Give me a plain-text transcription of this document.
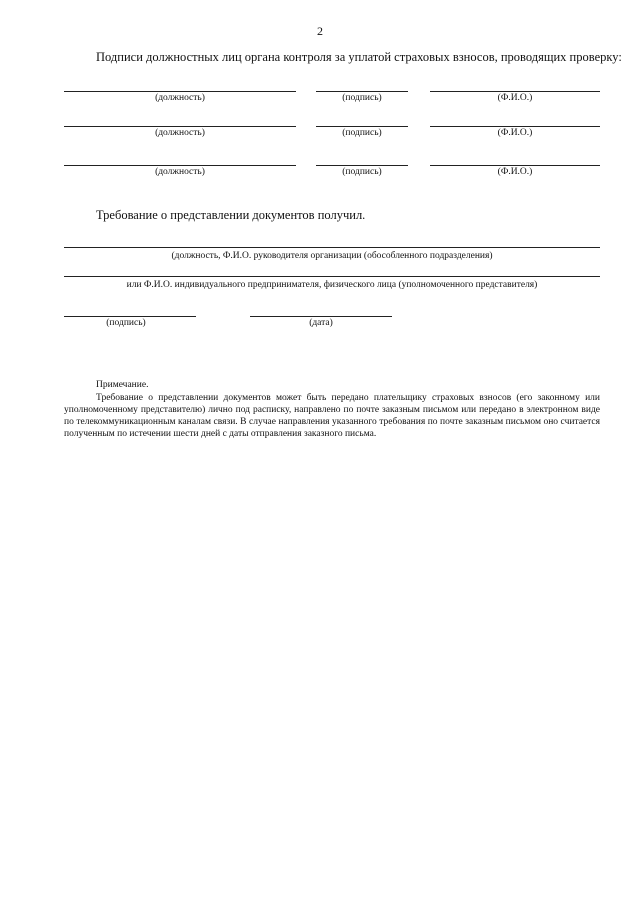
2
Подписи должностных лиц органа контроля за уплатой страховых взносов, проводящих проверку:
(должность)	(подпись)	(Ф.И.О.)
(должность)	(подпись)	(Ф.И.О.)
(должность)	(подпись)	(Ф.И.О.)
Требование о представлении документов получил.
(должность, Ф.И.О. руководителя организации (обособленного подразделения)
или Ф.И.О. индивидуального предпринимателя, физического лица (уполномоченного представителя)
(подпись)	(дата)
Примечание.
Требование о представлении документов может быть передано плательщику страховых взносов (его законному или уполномоченному представителю) лично под расписку, направлено по почте заказным письмом или передано в электронном виде по телекоммуникационным каналам связи. В случае направления указанного требования по почте заказным письмом оно считается полученным по истечении шести дней с даты отправления заказного письма.
